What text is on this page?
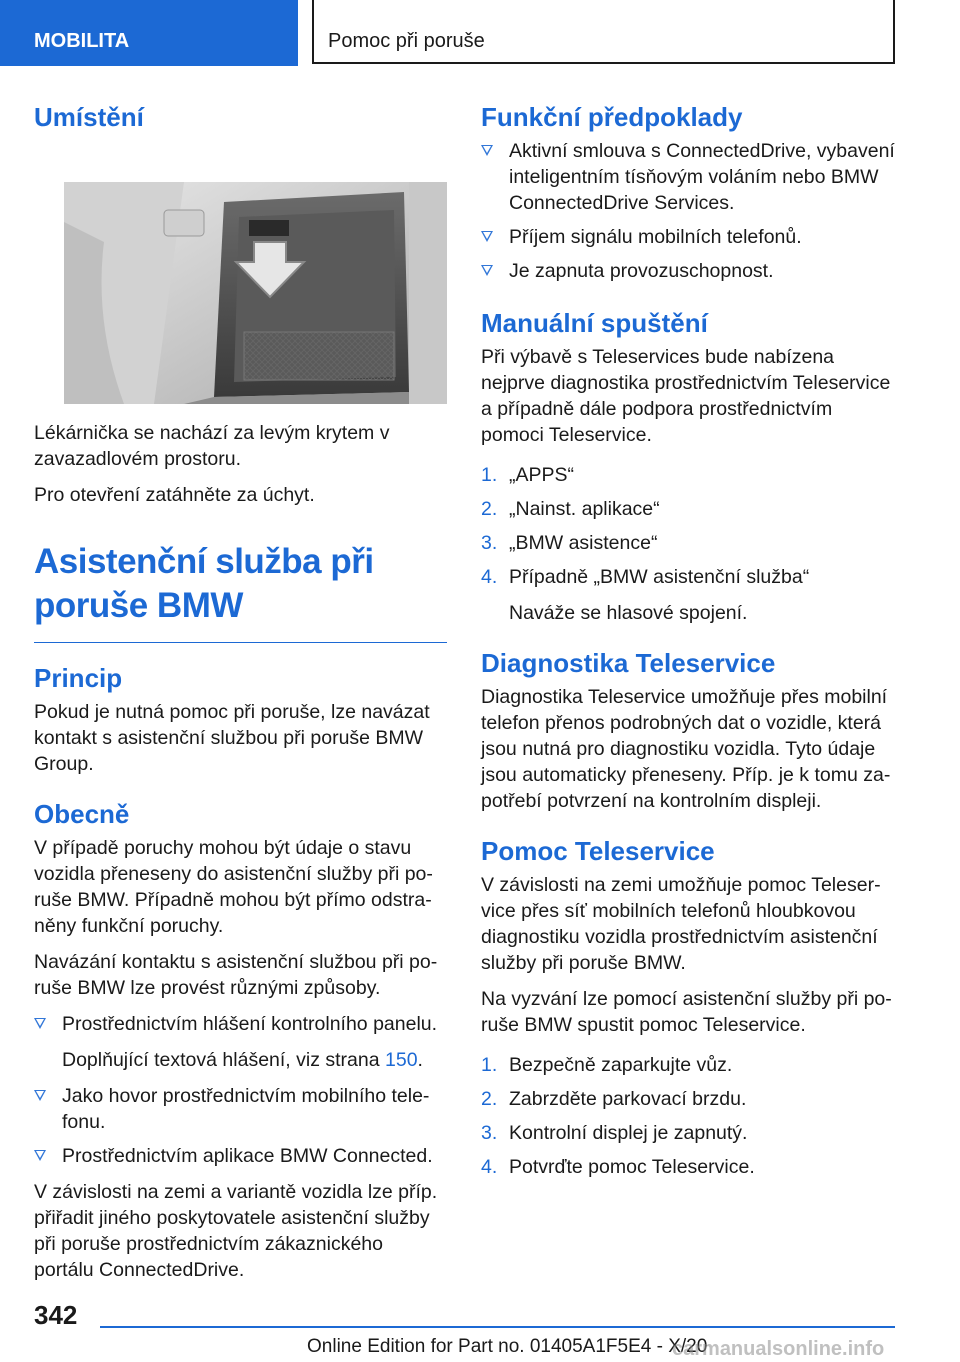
MOBILITA	Pomoc při poruše
Umístění

Lékárnička se nachází za levým krytem v zavazadlovém prostoru.

Pro otevření zatáhněte za úchyt.

Asistenční služba při
poruše BMW
Princip

Pokud je nutná pomoc při poruše, lze navázat kontakt s asistenční službou při poruše BMW Group.

Obecně

V případě poruchy mohou být údaje o stavu vozidla přeneseny do asistenční služby při poruše BMW. Případně mohou být přímo odstraněny funkční poruchy.

Navázání kontaktu s asistenční službou při poruše BMW lze provést různými způsoby.

Prostřednictvím hlášení kontrolního panelu.
Doplňující textová hlášení, viz strana 150.
Jako hovor prostřednictvím mobilního telefonu.
Prostřednictvím aplikace BMW Connected.

V závislosti na zemi a variantě vozidla lze příp. přiřadit jiného poskytovatele asistenční služby při poruše prostřednictvím zákaznického portálu ConnectedDrive.

Funkční předpoklady
Aktivní smlouva s ConnectedDrive, vybavení inteligentním tísňovým voláním nebo BMW ConnectedDrive Services.
Příjem signálu mobilních telefonů.
Je zapnuta provozuschopnost.
Manuální spuštění

Při výbavě s Teleservices bude nabízena nejprve diagnostika prostřednictvím Teleservice a případně dále podpora prostřednictvím pomoci Teleservice.

1. „APPS“
2. „Nainst. aplikace“
3. „BMW asistence“
4. Případně „BMW asistenční služba“
Naváže se hlasové spojení.
Diagnostika Teleservice

Diagnostika Teleservice umožňuje přes mobilní telefon přenos podrobných dat o vozidle, která jsou nutná pro diagnostiku vozidla. Tyto údaje jsou automaticky přeneseny. Příp. je k tomu zapotřebí potvrzení na kontrolním displeji.

Pomoc Teleservice

V závislosti na zemi umožňuje pomoc Teleservice přes síť mobilních telefonů hloubkovou diagnostiku vozidla prostřednictvím asistenční služby při poruše BMW.

Na vyzvání lze pomocí asistenční služby při poruše BMW spustit pomoc Teleservice.

1. Bezpečně zaparkujte vůz.
2. Zabrzděte parkovací brzdu.
3. Kontrolní displej je zapnutý.
4. Potvrďte pomoc Teleservice.
342
Online Edition for Part no. 01405A1F5E4 - X/20
carmanualsonline.info
